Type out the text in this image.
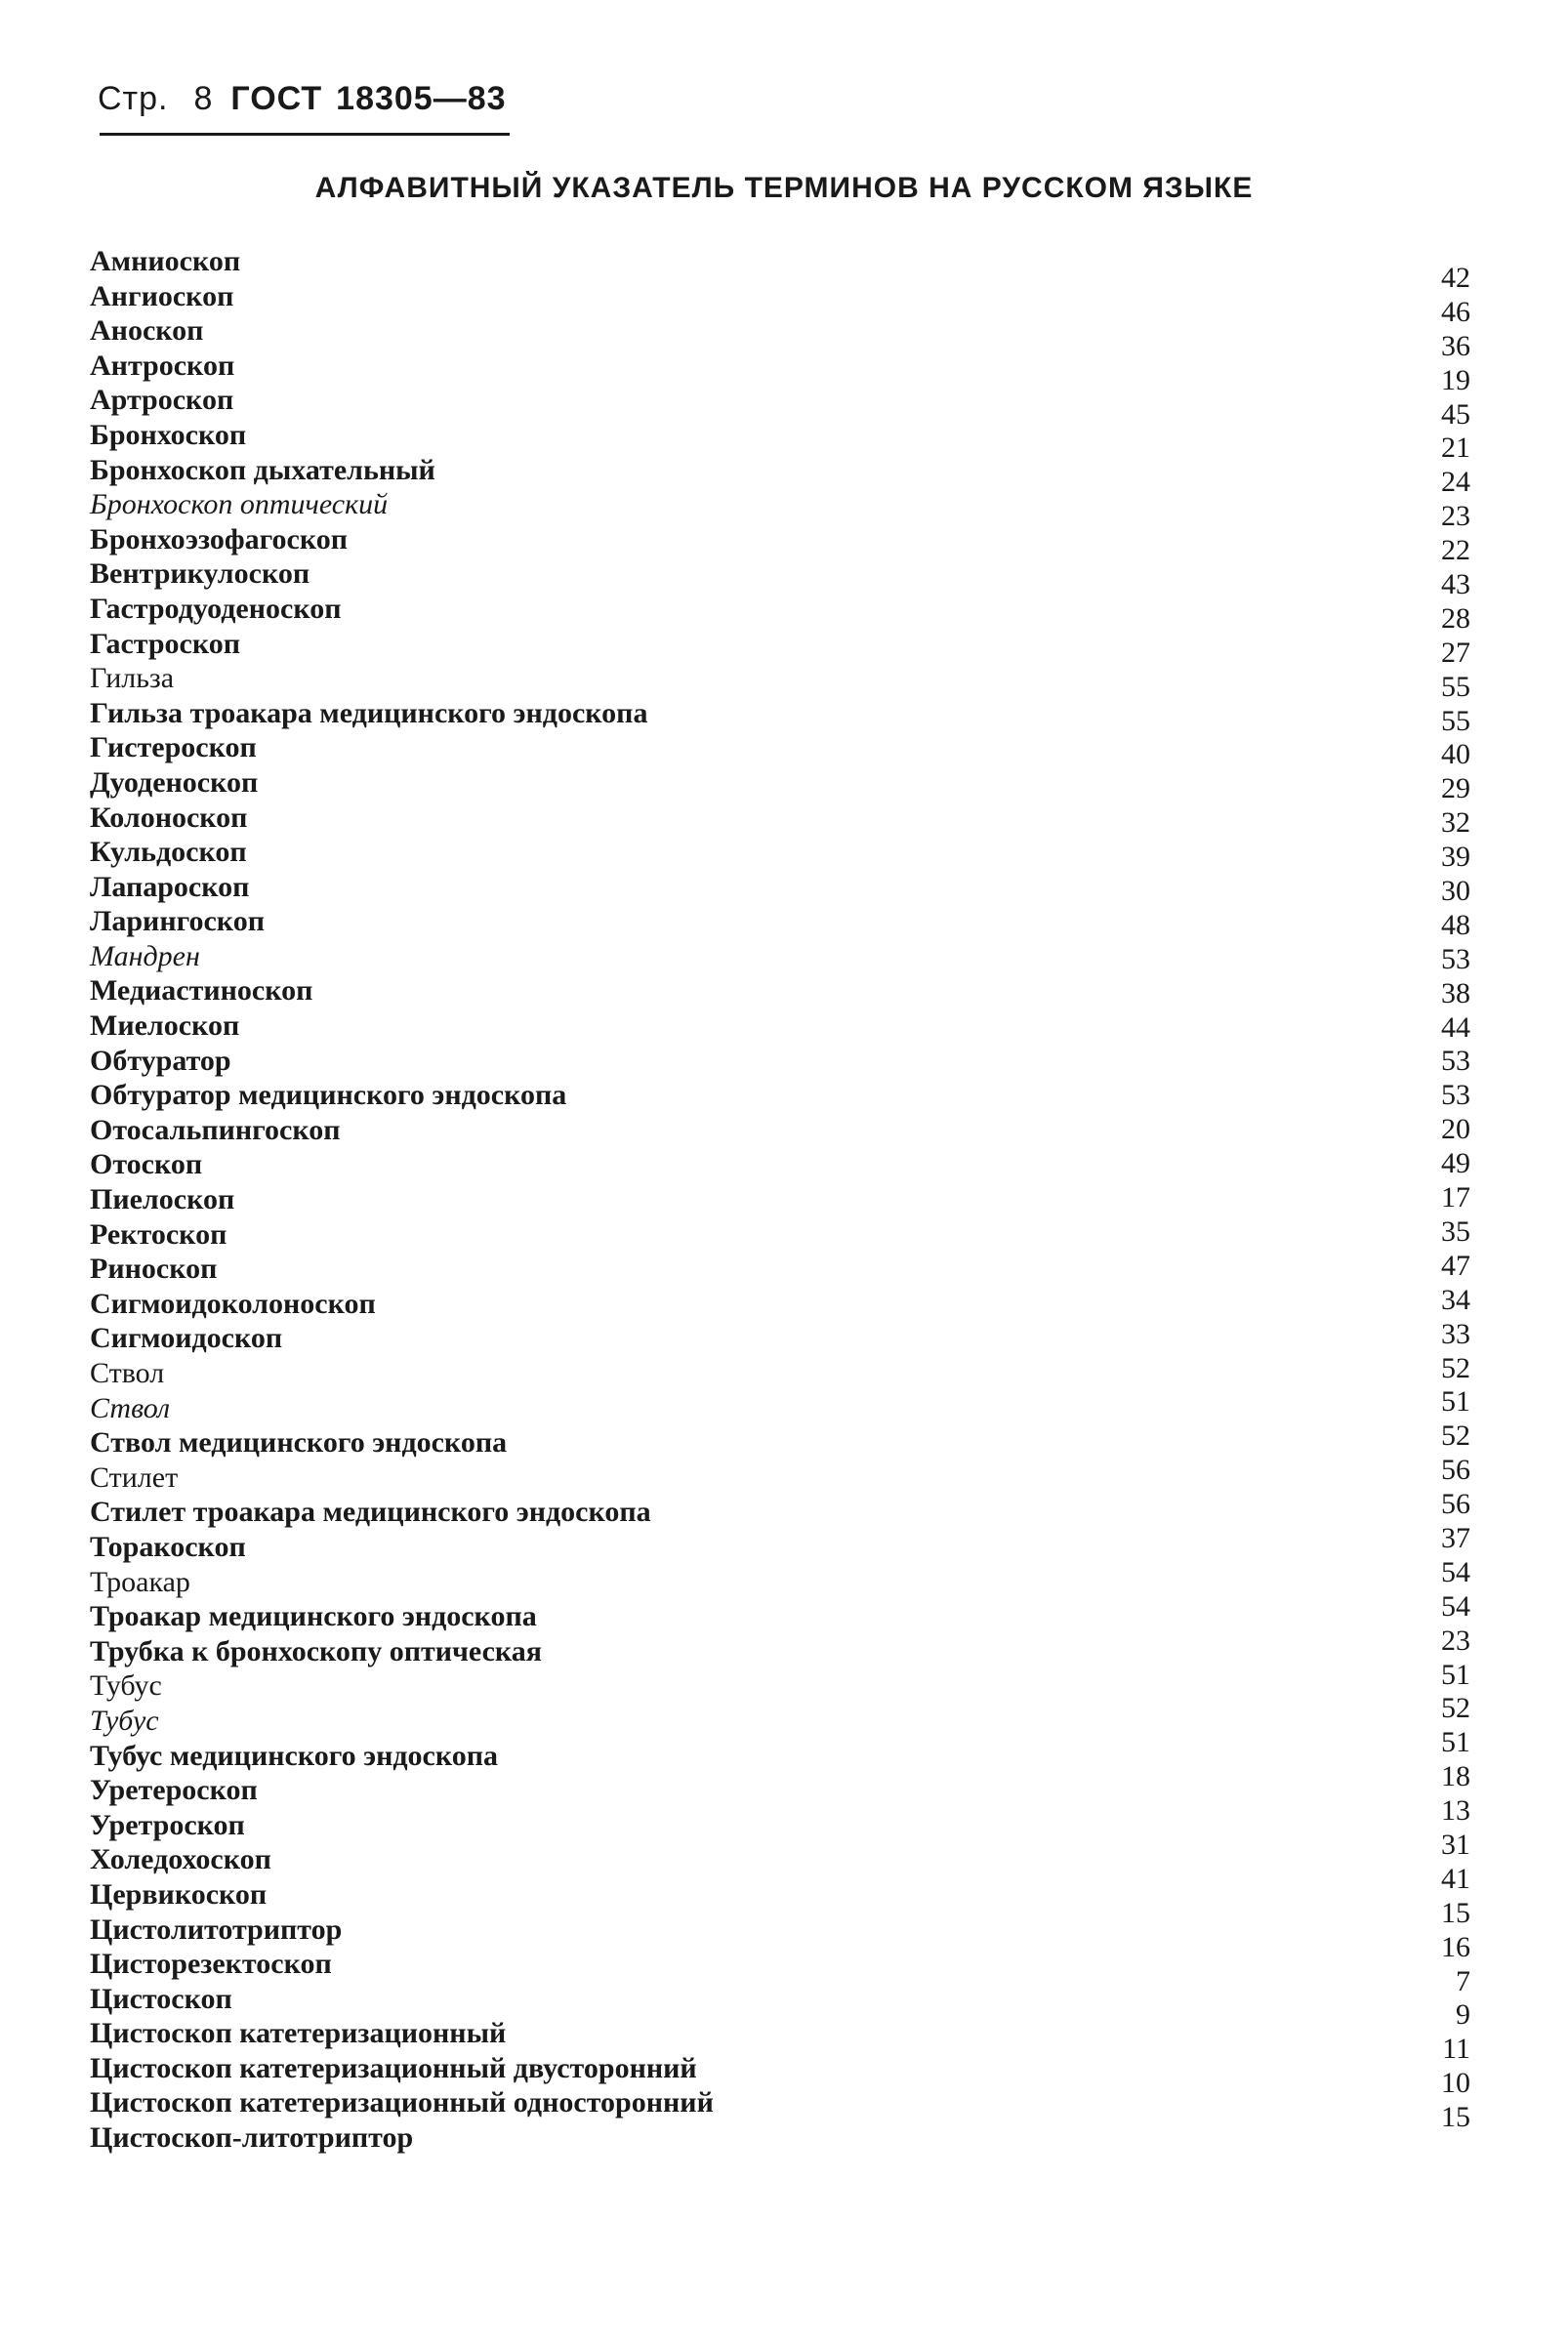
Стр. 8 ГОСТ 18305—83
АЛФАВИТНЫЙ УКАЗАТЕЛЬ ТЕРМИНОВ НА РУССКОМ ЯЗЫКЕ
Амниоскоп
Ангиоскоп
Аноскоп
Антроскоп
Артроскоп
Бронхоскоп
Бронхоскоп дыхательный
Бронхоскоп оптический
Бронхоэзофагоскоп
Вентрикулоскоп
Гастродуоденоскоп
Гастроскоп
Гильза
Гильза троакара медицинского эндоскопа
Гистероскоп
Дуоденоскоп
Колоноскоп
Кульдоскоп
Лапароскоп
Ларингоскоп
Мандрен
Медиастиноскоп
Миелоскоп
Обтуратор
Обтуратор медицинского эндоскопа
Отосальпингоскоп
Отоскоп
Пиелоскоп
Ректоскоп
Риноскоп
Сигмоидоколоноскоп
Сигмоидоскоп
Ствол
Ствол
Ствол медицинского эндоскопа
Стилет
Стилет троакара медицинского эндоскопа
Торакоскоп
Троакар
Троакар медицинского эндоскопа
Трубка к бронхоскопу оптическая
Тубус
Тубус
Тубус медицинского эндоскопа
Уретероскоп
Уретроскоп
Холедохоскоп
Цервикоскоп
Цистолитотриптор
Цисторезектоскоп
Цистоскоп
Цистоскоп катетеризационный
Цистоскоп катетеризационный двусторонний
Цистоскоп катетеризационный односторонний
Цистоскоп-литотриптор
42
46
36
19
45
21
24
23
22
43
28
27
55
55
40
29
32
39
30
48
53
38
44
53
53
20
49
17
35
47
34
33
52
51
52
56
56
37
54
54
23
51
52
51
18
13
31
41
15
16
7
9
11
10
15
